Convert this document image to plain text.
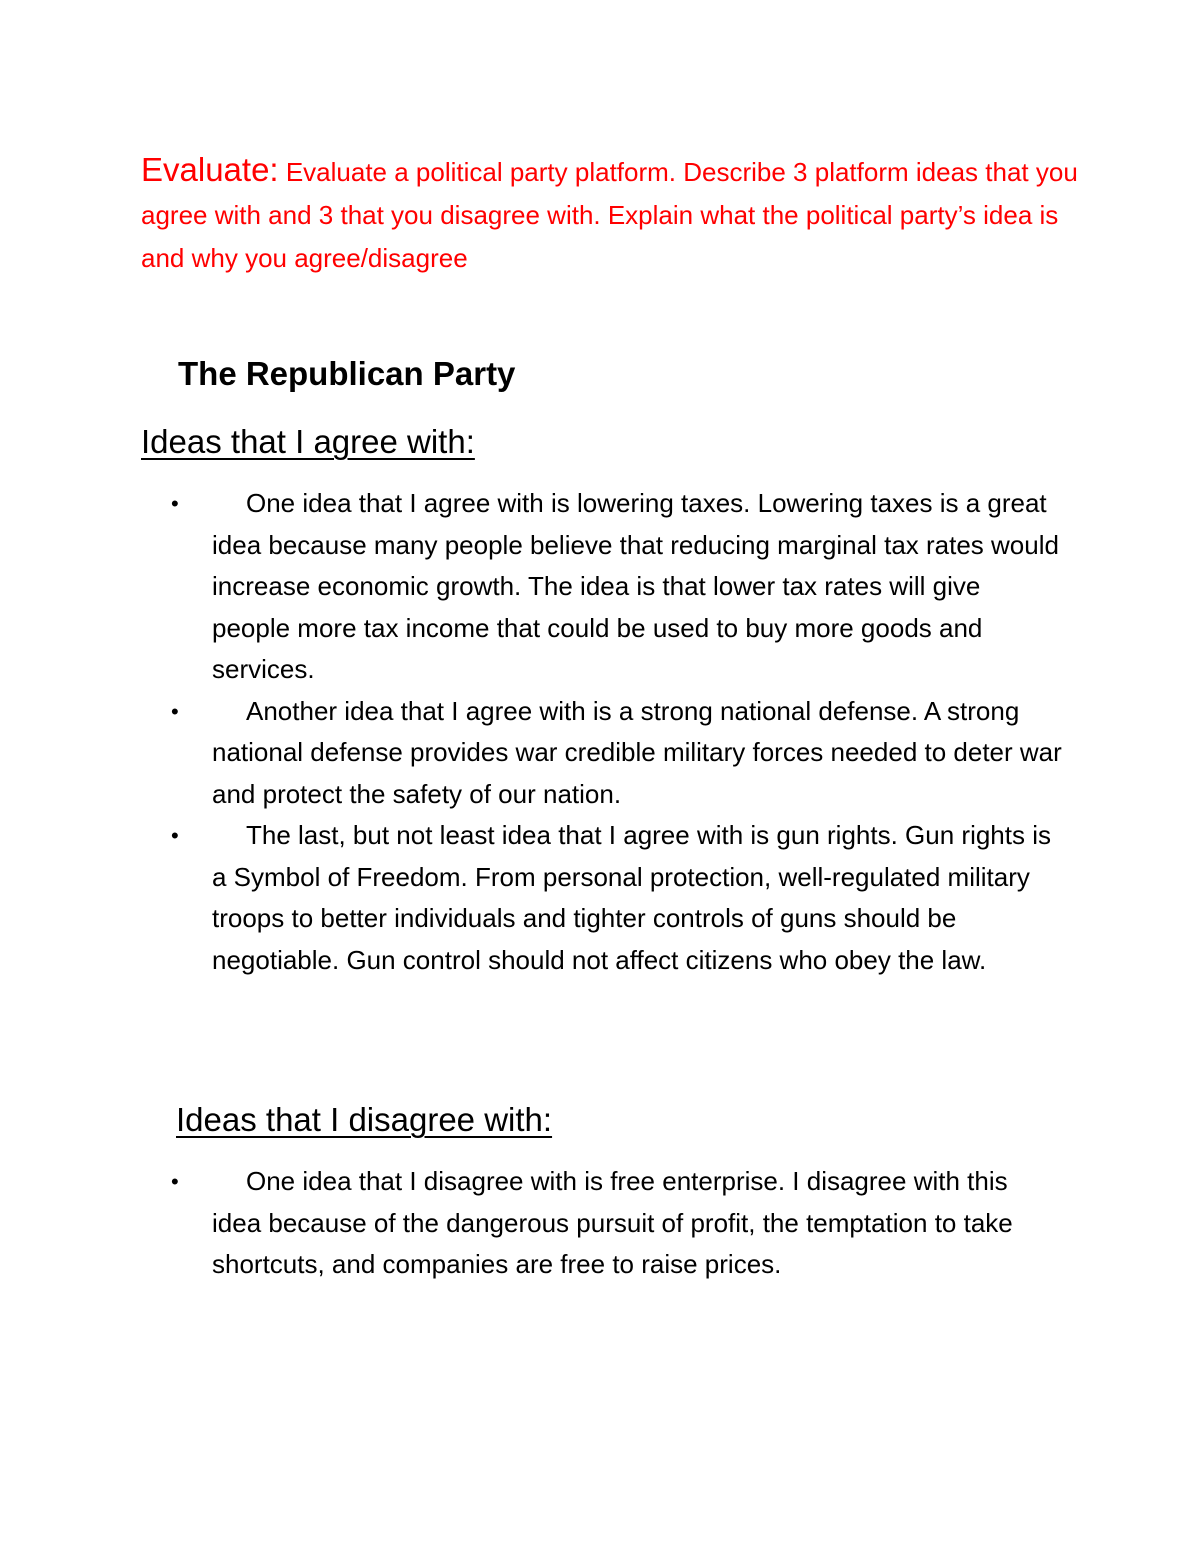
Evaluate: Evaluate a political party platform. Describe 3 platform ideas that you agree with and 3 that you disagree with. Explain what the political party’s idea is and why you agree/disagree
The Republican Party
Ideas that I agree with:
•	One idea that I agree with is lowering taxes. Lowering taxes is a great idea because many people believe that reducing marginal tax rates would increase economic growth. The idea is that lower tax rates will give people more tax income that could be used to buy more goods and services.
•	Another idea that I agree with is a strong national defense. A strong national defense provides war credible military forces needed to deter war and protect the safety of our nation.
•	The last, but not least idea that I agree with is gun rights. Gun rights is a Symbol of Freedom. From personal protection, well-regulated military troops to better individuals and tighter controls of guns should be negotiable. Gun control should not affect citizens who obey the law.
Ideas that I disagree with:
•	One idea that I disagree with is free enterprise. I disagree with this idea because of the dangerous pursuit of profit, the temptation to take shortcuts, and companies are free to raise prices.
